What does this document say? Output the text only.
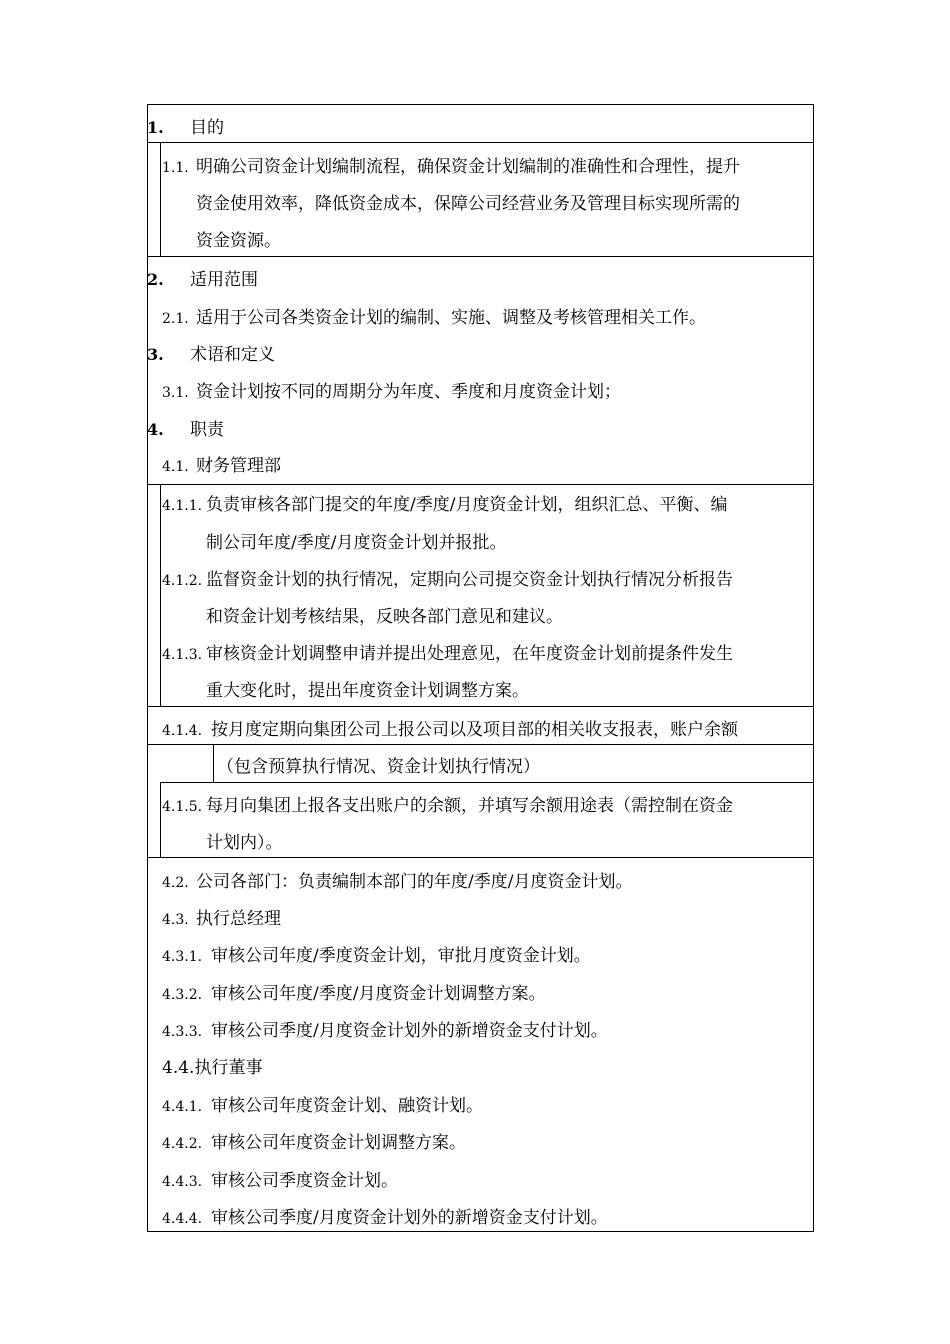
1. 目的
1.1. 明确公司资金计划编制流程，确保资金计划编制的准确性和合理性，提升
资金使用效率，降低资金成本，保障公司经营业务及管理目标实现所需的
资金资源。
2. 适用范围
2.1. 适用于公司各类资金计划的编制、实施、调整及考核管理相关工作。
3. 术语和定义
3.1. 资金计划按不同的周期分为年度、季度和月度资金计划；
4. 职责
4.1. 财务管理部
4.1.1. 负责审核各部门提交的年度/季度/月度资金计划，组织汇总、平衡、编
制公司年度/季度/月度资金计划并报批。
4.1.2. 监督资金计划的执行情况，定期向公司提交资金计划执行情况分析报告
和资金计划考核结果，反映各部门意见和建议。
4.1.3. 审核资金计划调整申请并提出处理意见，在年度资金计划前提条件发生
重大变化时，提出年度资金计划调整方案。
4.1.4. 按月度定期向集团公司上报公司以及项目部的相关收支报表，账户余额
（包含预算执行情况、资金计划执行情况）
4.1.5. 每月向集团上报各支出账户的余额，并填写余额用途表（需控制在资金
计划内）。
4.2. 公司各部门：负责编制本部门的年度/季度/月度资金计划。
4.3. 执行总经理
4.3.1. 审核公司年度/季度资金计划，审批月度资金计划。
4.3.2. 审核公司年度/季度/月度资金计划调整方案。
4.3.3. 审核公司季度/月度资金计划外的新增资金支付计划。
4.4.执行董事
4.4.1. 审核公司年度资金计划、融资计划。
4.4.2. 审核公司年度资金计划调整方案。
4.4.3. 审核公司季度资金计划。
4.4.4. 审核公司季度/月度资金计划外的新增资金支付计划。
